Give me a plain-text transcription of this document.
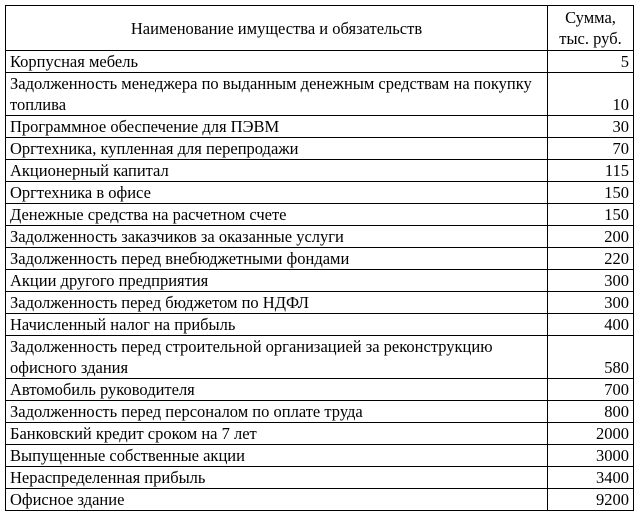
Наименование имущества и обязательств	Сумма,
тыс. руб.
Корпусная мебель	5
Задолженность менеджера по выданным денежным средствам на покупку топлива	10
Программное обеспечение для ПЭВМ	30
Оргтехника, купленная для перепродажи	70
Акционерный капитал	115
Оргтехника в офисе	150
Денежные средства на расчетном счете	150
Задолженность заказчиков за оказанные услуги	200
Задолженность перед внебюджетными фондами	220
Акции другого предприятия	300
Задолженность перед бюджетом по НДФЛ	300
Начисленный налог на прибыль	400
Задолженность перед строительной организацией за реконструкцию офисного здания	580
Автомобиль руководителя	700
Задолженность перед персоналом по оплате труда	800
Банковский кредит сроком на 7 лет	2000
Выпущенные собственные акции	3000
Нераспределенная прибыль	3400
Офисное здание	9200
